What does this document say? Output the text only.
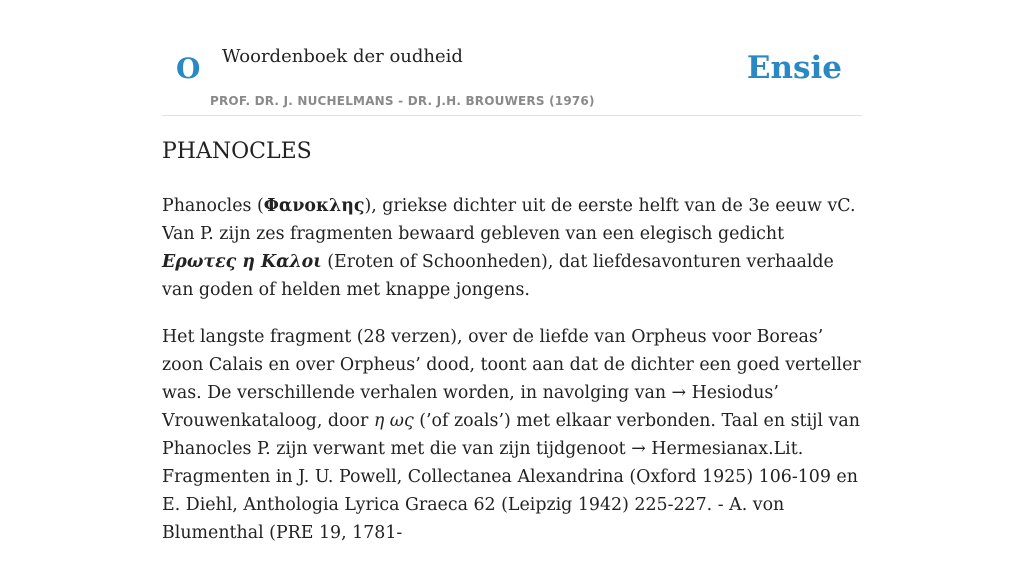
O Woordenboek der oudheid
PROF. DR. J. NUCHELMANS - DR. J.H. BROUWERS (1976)
Ensie
PHANOCLES

Phanocles (Φανοκλης), griekse dichter uit de eerste helft van de 3e eeuw vC. Van P. zijn zes fragmenten bewaard gebleven van een elegisch gedicht Ερωτες η Καλοι (Eroten of Schoonheden), dat liefdesavonturen verhaalde van goden of helden met knappe jongens.

Het langste fragment (28 verzen), over de liefde van Orpheus voor Boreas’ zoon Calais en over Orpheus’ dood, toont aan dat de dichter een goed verteller was. De verschillende verhalen worden, in navolging van → Hesiodus’ Vrouwenkataloog, door η ως (’of zoals’) met elkaar verbonden. Taal en stijl van Phanocles P. zijn verwant met die van zijn tijdgenoot → Hermesianax.Lit. Fragmenten in J. U. Powell, Collectanea Alexandrina (Oxford 1925) 106-109 en E. Diehl, Anthologia Lyrica Graeca 62 (Leipzig 1942) 225-227. - A. von Blumenthal (PRE 19, 1781-
